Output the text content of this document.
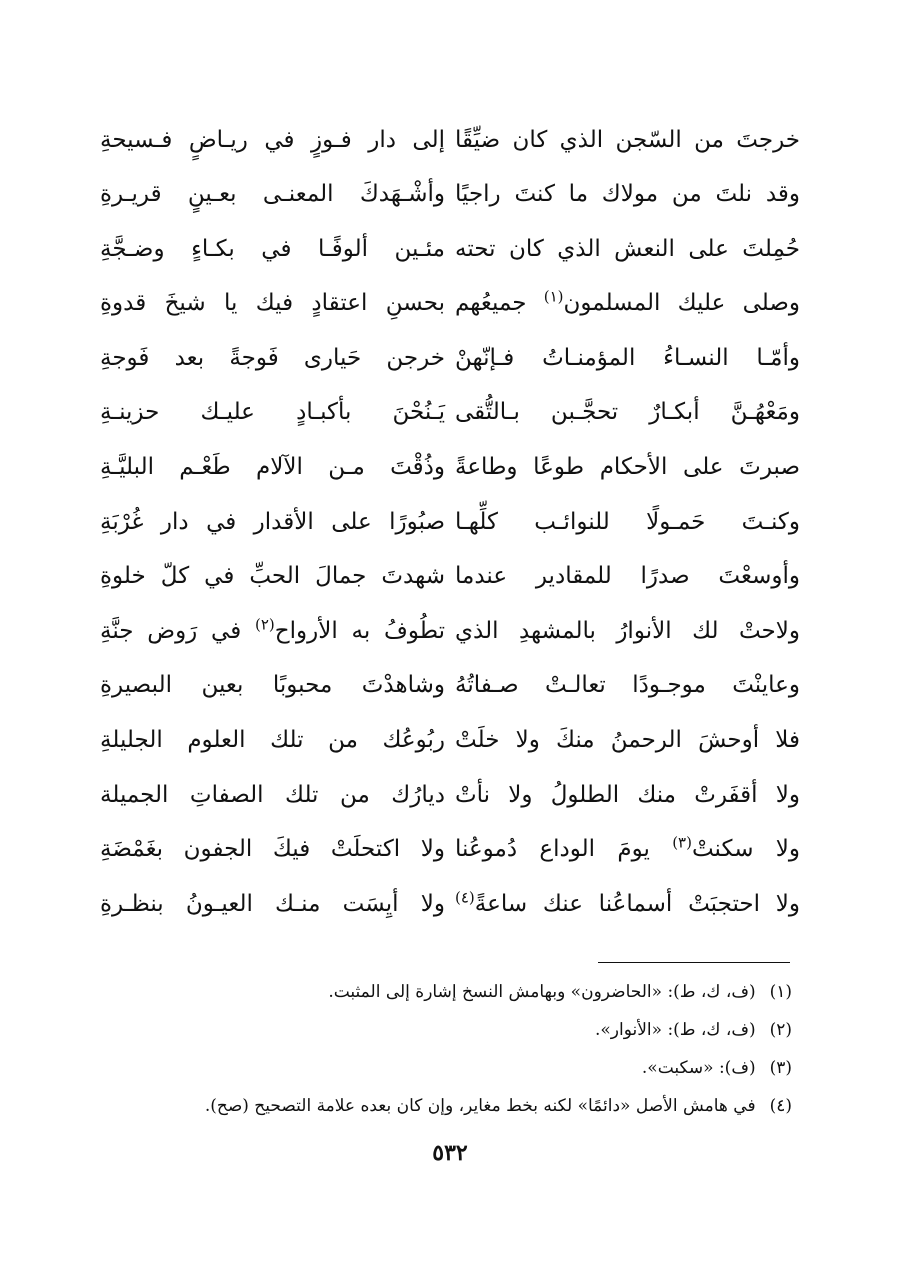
خرجتَ من السّجن الذي كان ضيِّقًا
إلى دار فـوزٍ في ريـاضٍ فـسيحةِ
وقد نلتَ من مولاك ما كنتَ راجيًا
وأشْـهَدكَ المعنـى بعـينٍ قريـرةِ
حُمِلتَ على النعش الذي كان تحته
مئـين ألوفًـا في بكـاءٍ وضـجَّةِ
وصلى عليك المسلمون$^{(١)}$ جميعُهم
بحسنِ اعتقادٍ فيك يا شيخَ قدوةِ
وأمّـا النسـاءُ المؤمنـاتُ فـإنّهنْ
خرجن حَيارى فَوجةً بعد فَوجةِ
ومَعْهُـنَّ أبكـارٌ تحجَّـبن بـالتُّقى
يَـنُحْنَ بأكبـادٍ عليـك حزينـةِ
صبرتَ على الأحكام طوعًا وطاعةً
وذُقْتَ مـن الآلام طَعْـم البليَّـةِ
وكنـتَ حَمـولًا للنوائـب كلِّهـا
صبُورًا على الأقدار في دار غُرْبَةِ
وأوسعْتَ صدرًا للمقادير عندما
شهدتَ جمالَ الحبِّ في كلّ خلوةِ
ولاحتْ لك الأنوارُ بالمشهدِ الذي
تطُوفُ به الأرواح$^{(٢)}$ في رَوض جنَّةِ
وعاينْتَ موجـودًا تعالـتْ صـفاتُهُ
وشاهدْتَ محبوبًا بعين البصيرةِ
فلا أوحشَ الرحمنُ منكَ ولا خلَتْ
ربُوعُك من تلك العلوم الجليلةِ
ولا أقفَرتْ منك الطلولُ ولا نأتْ
ديارُك من تلك الصفاتِ الجميلة
ولا سكنتْ$^{(٣)}$ يومَ الوداع دُموعُنا
ولا اكتحلَتْ فيكَ الجفون بغَمْضَةِ
ولا احتجبَتْ أسماعُنا عنك ساعةً$^{(٤)}$
ولا أيِسَت منـك العيـونُ بنظـرةِ
(١)
(ف، ك، ط): «الحاضرون» وبهامش النسخ إشارة إلى المثبت.
(٢)
(ف، ك، ط): «الأنوار».
(٣)
(ف): «سكبت».
(٤)
في هامش الأصل «دائمًا» لكنه بخط مغاير، وإن كان بعده علامة التصحيح (صح).
٥٣٢
